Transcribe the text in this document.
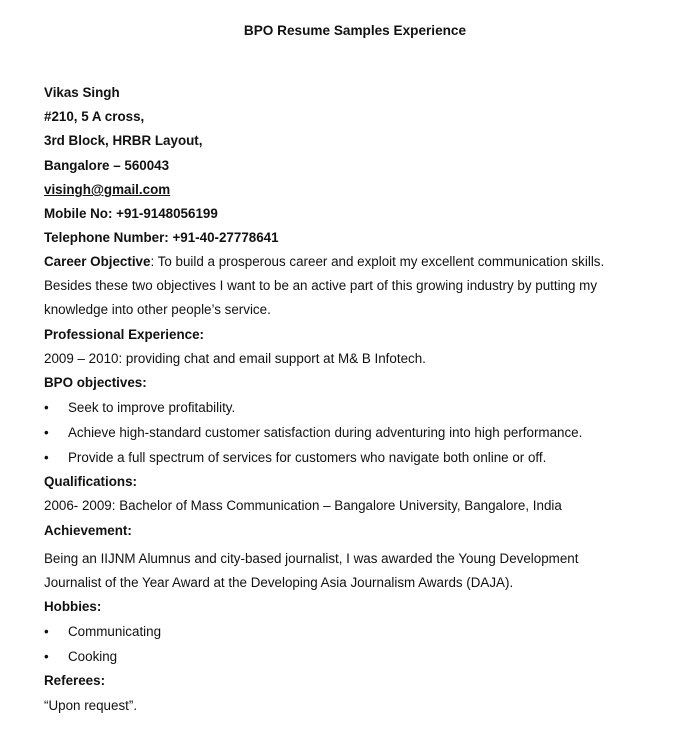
BPO Resume Samples Experience
Vikas Singh
#210, 5 A cross,
3rd Block, HRBR Layout,
Bangalore – 560043
visingh@gmail.com
Mobile No: +91-9148056199
Telephone Number: +91-40-27778641
Career Objective: To build a prosperous career and exploit my excellent communication skills.
Besides these two objectives I want to be an active part of this growing industry by putting my
knowledge into other people’s service.
Professional Experience:
2009 – 2010: providing chat and email support at M& B Infotech.
BPO objectives:
• Seek to improve profitability.
• Achieve high-standard customer satisfaction during adventuring into high performance.
• Provide a full spectrum of services for customers who navigate both online or off.
Qualifications:
2006- 2009: Bachelor of Mass Communication – Bangalore University, Bangalore, India
Achievement:
Being an IIJNM Alumnus and city-based journalist, I was awarded the Young Development
Journalist of the Year Award at the Developing Asia Journalism Awards (DAJA).
Hobbies:
• Communicating
• Cooking
Referees:
“Upon request”.
